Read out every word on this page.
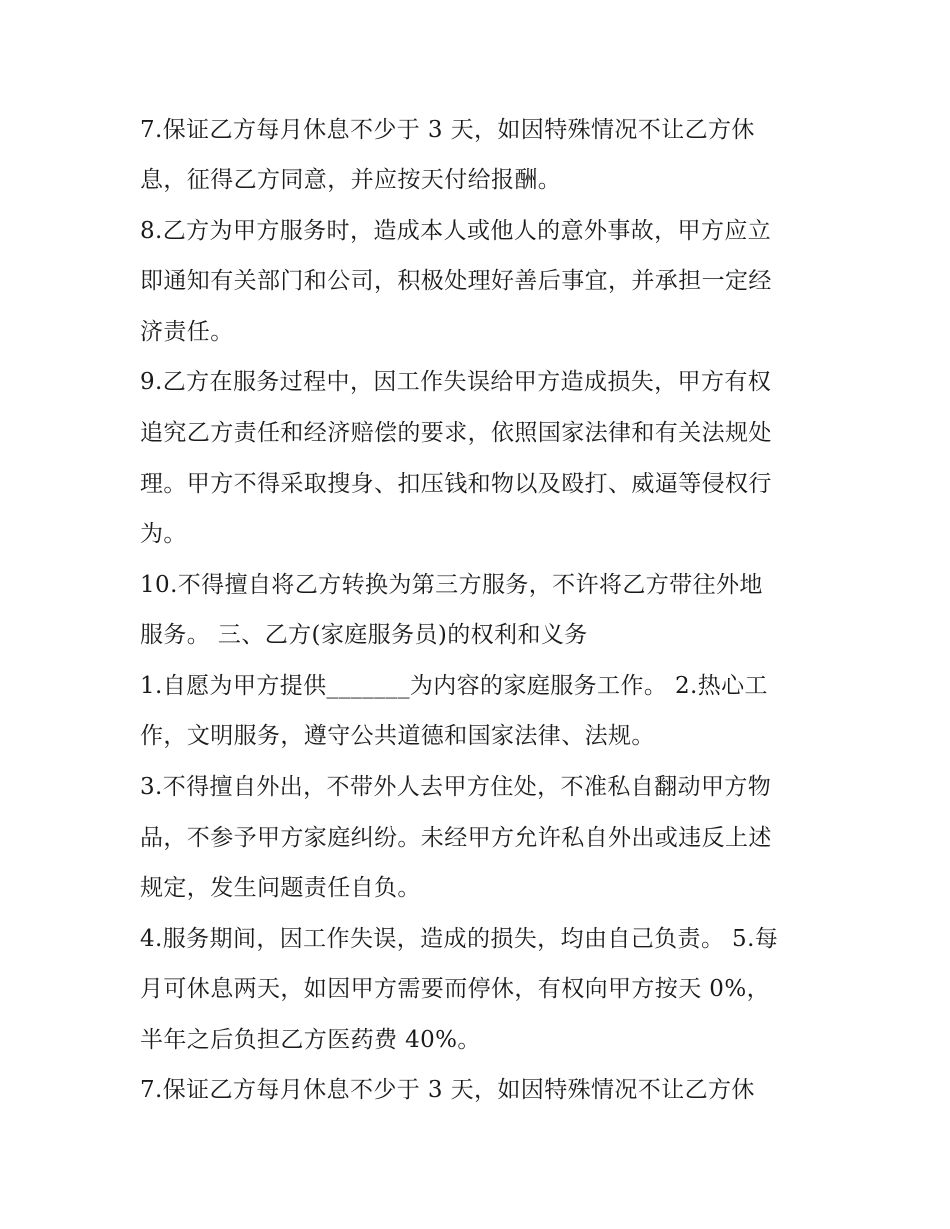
7.保证乙方每月休息不少于 3 天，如因特殊情况不让乙方休
息，征得乙方同意，并应按天付给报酬。
8.乙方为甲方服务时，造成本人或他人的意外事故，甲方应立
即通知有关部门和公司，积极处理好善后事宜，并承担一定经
济责任。
9.乙方在服务过程中，因工作失误给甲方造成损失，甲方有权
追究乙方责任和经济赔偿的要求，依照国家法律和有关法规处
理。甲方不得采取搜身、扣压钱和物以及殴打、威逼等侵权行
为。
10.不得擅自将乙方转换为第三方服务，不许将乙方带往外地
服务。 三、乙方(家庭服务员)的权利和义务
1.自愿为甲方提供_______为内容的家庭服务工作。 2.热心工
作，文明服务，遵守公共道德和国家法律、法规。
3.不得擅自外出，不带外人去甲方住处，不准私自翻动甲方物
品，不参予甲方家庭纠纷。未经甲方允许私自外出或违反上述
规定，发生问题责任自负。
4.服务期间，因工作失误，造成的损失，均由自己负责。 5.每
月可休息两天，如因甲方需要而停休，有权向甲方按天 0%，
半年之后负担乙方医药费 40%。
7.保证乙方每月休息不少于 3 天，如因特殊情况不让乙方休
